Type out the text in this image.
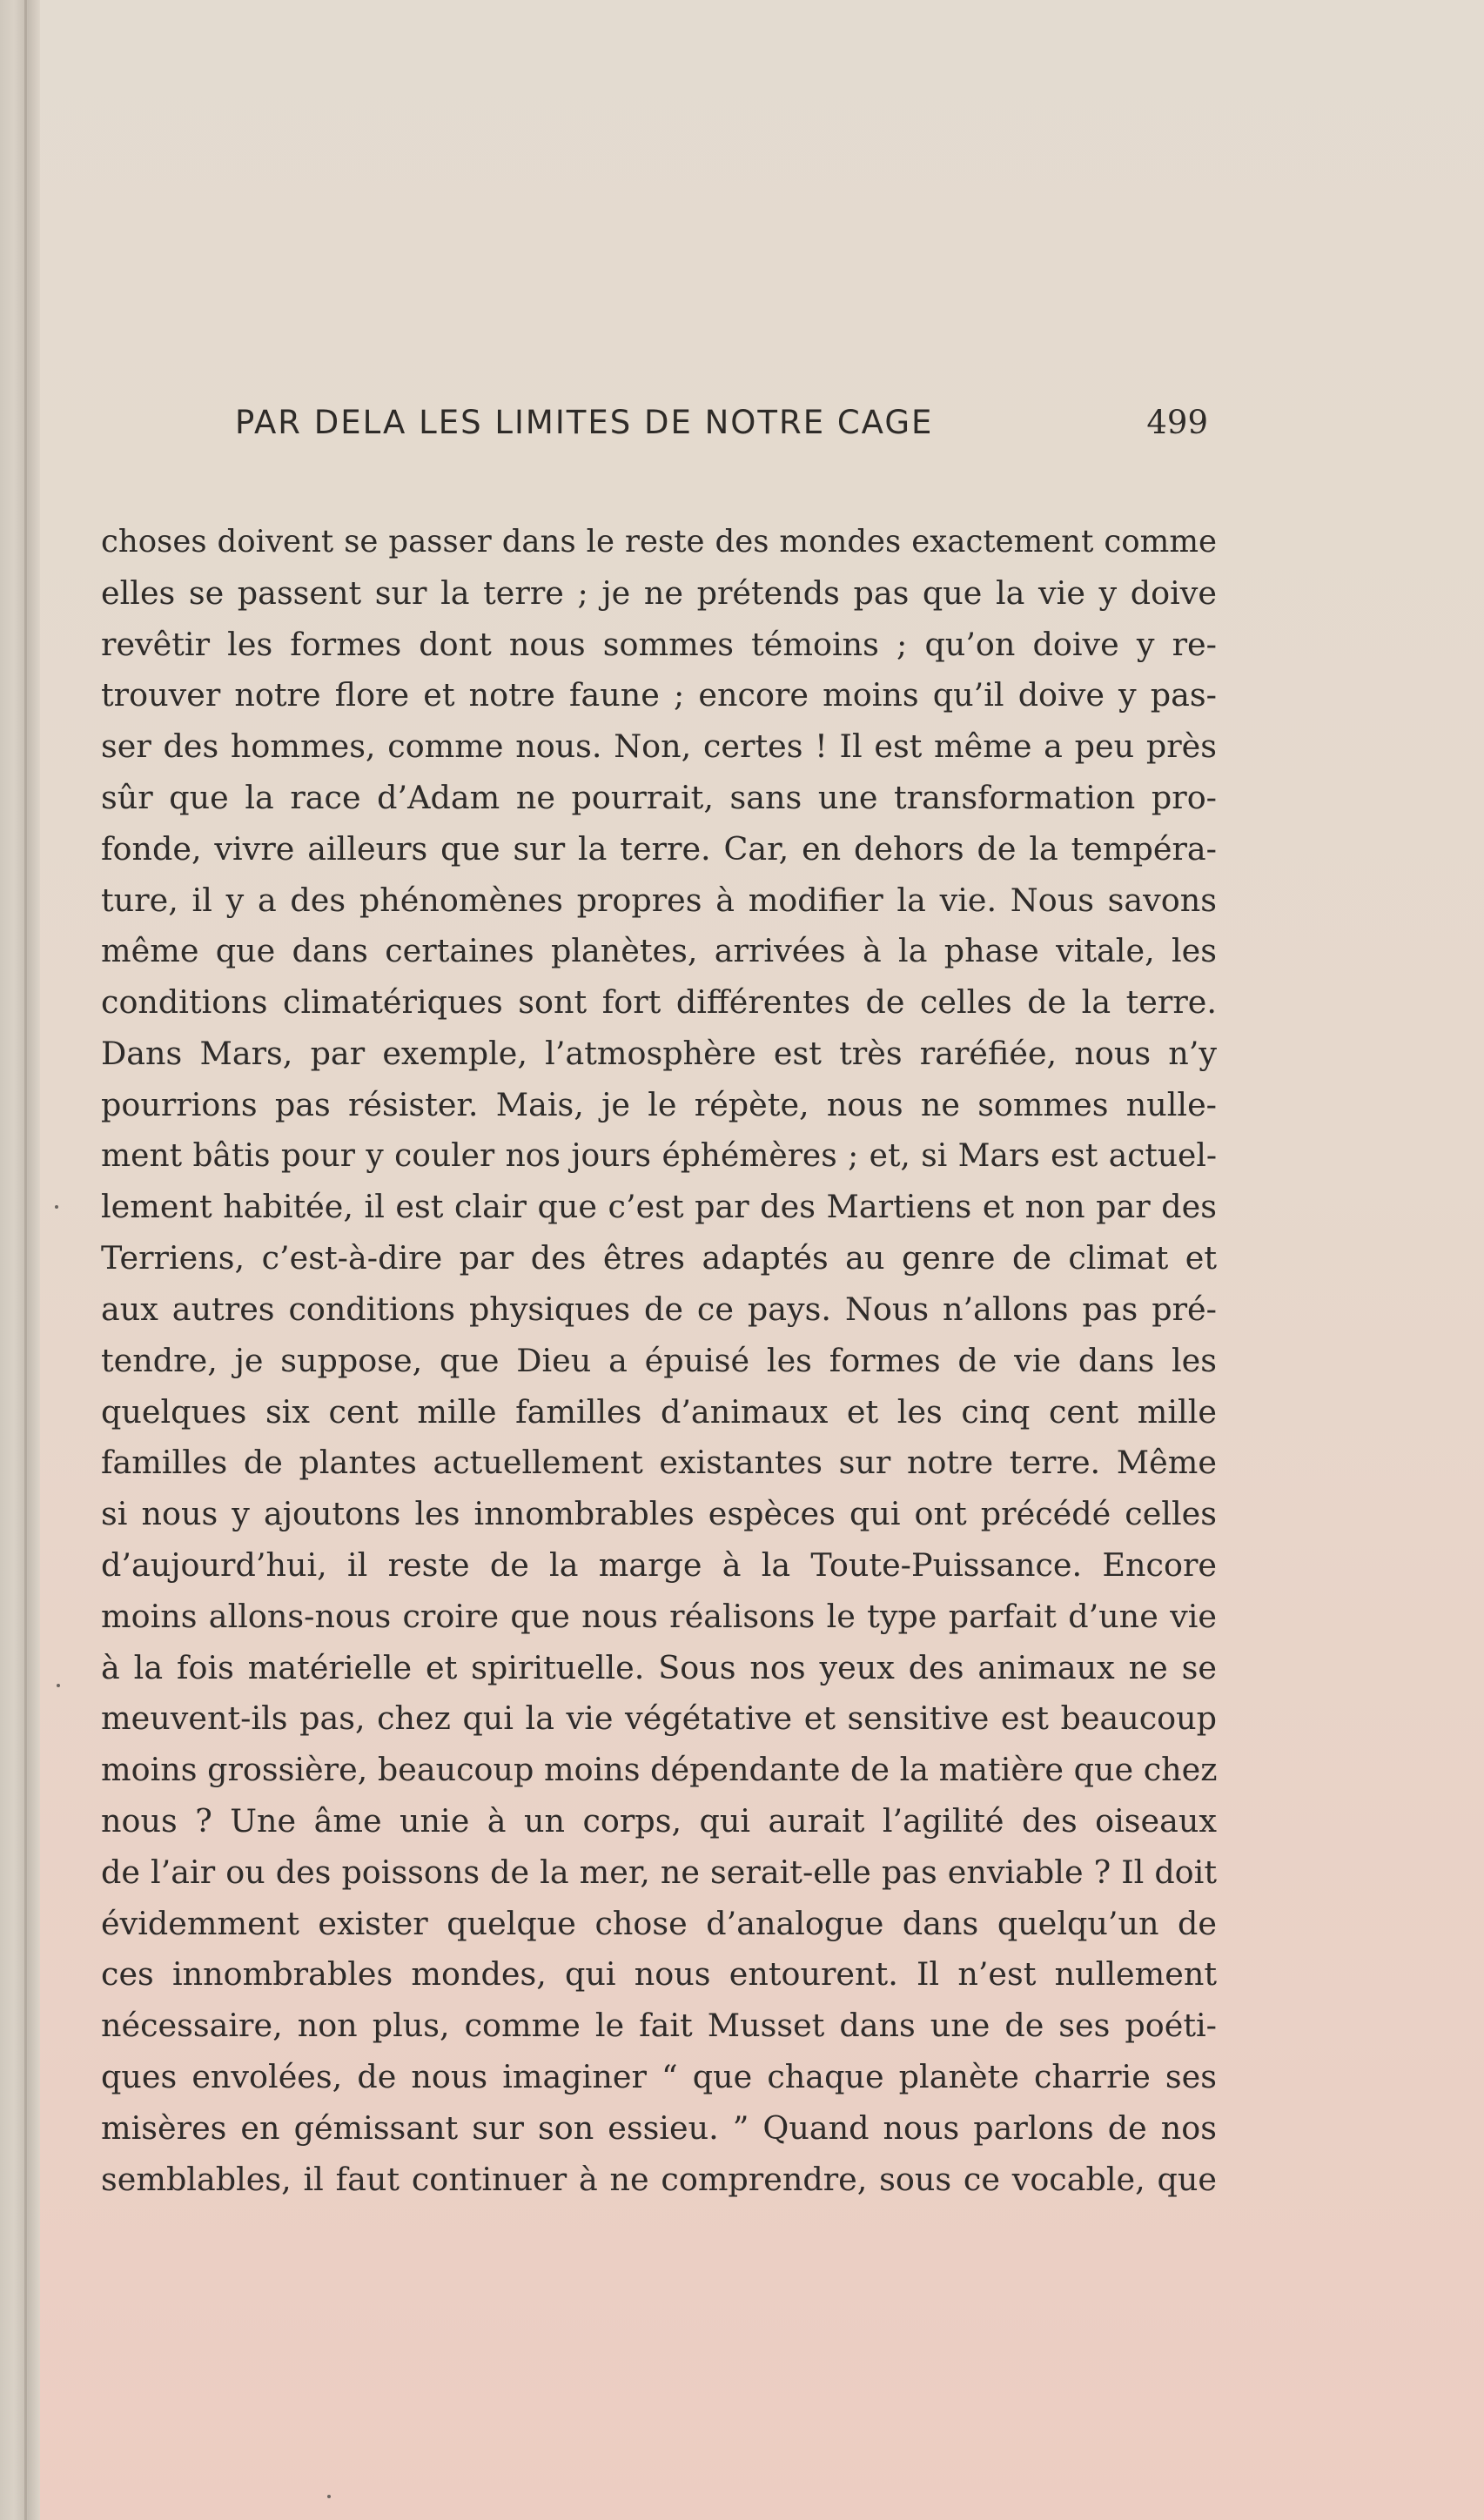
PAR DELA LES LIMITES DE NOTRE CAGE	499
choses doivent se passer dans le reste des mondes exactement comme
elles se passent sur la terre ; je ne prétends pas que la vie y doive
revêtir les formes dont nous sommes témoins ; qu’on doive y re-
trouver notre flore et notre faune ; encore moins qu’il doive y pas-
ser des hommes, comme nous. Non, certes ! Il est même a peu près
sûr que la race d’Adam ne pourrait, sans une transformation pro-
fonde, vivre ailleurs que sur la terre. Car, en dehors de la tempéra-
ture, il y a des phénomènes propres à modifier la vie. Nous savons
même que dans certaines planètes, arrivées à la phase vitale, les
conditions climatériques sont fort différentes de celles de la terre.
Dans Mars, par exemple, l’atmosphère est très raréfiée, nous n’y
pourrions pas résister. Mais, je le répète, nous ne sommes nulle-
ment bâtis pour y couler nos jours éphémères ; et, si Mars est actuel-
lement habitée, il est clair que c’est par des Martiens et non par des
Terriens, c’est-à-dire par des êtres adaptés au genre de climat et
aux autres conditions physiques de ce pays. Nous n’allons pas pré-
tendre, je suppose, que Dieu a épuisé les formes de vie dans les
quelques six cent mille familles d’animaux et les cinq cent mille
familles de plantes actuellement existantes sur notre terre. Même
si nous y ajoutons les innombrables espèces qui ont précédé celles
d’aujourd’hui, il reste de la marge à la Toute-Puissance. Encore
moins allons-nous croire que nous réalisons le type parfait d’une vie
à la fois matérielle et spirituelle. Sous nos yeux des animaux ne se
meuvent-ils pas, chez qui la vie végétative et sensitive est beaucoup
moins grossière, beaucoup moins dépendante de la matière que chez
nous ? Une âme unie à un corps, qui aurait l’agilité des oiseaux
de l’air ou des poissons de la mer, ne serait-elle pas enviable ? Il doit
évidemment exister quelque chose d’analogue dans quelqu’un de
ces innombrables mondes, qui nous entourent. Il n’est nullement
nécessaire, non plus, comme le fait Musset dans une de ses poéti-
ques envolées, de nous imaginer “ que chaque planète charrie ses
misères en gémissant sur son essieu. ” Quand nous parlons de nos
semblables, il faut continuer à ne comprendre, sous ce vocable, que
